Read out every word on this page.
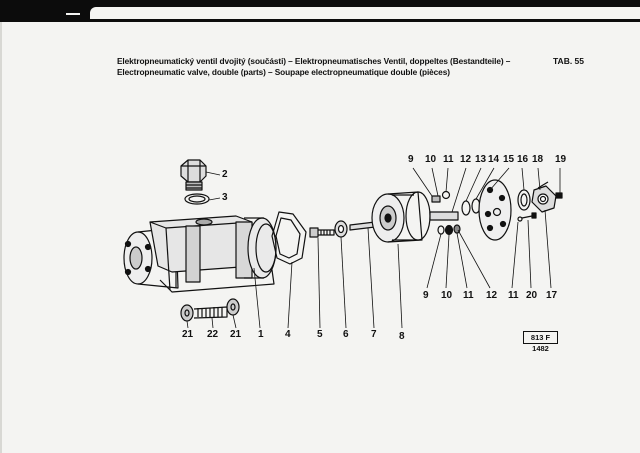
Elektropneumatický ventil dvojitý (součásti) – Elektropneumatisches Ventil, doppeltes (Bestandteile) –
Electropneumatic valve, double (parts) – Soupape electropneumatique double (pièces)
TAB. 55
2
3
9 10 11 12 13 14 15 16 18 19
9 10 11 12 11 20 17
21 22 21 1 4	5 6 7 8	813 F 1482
